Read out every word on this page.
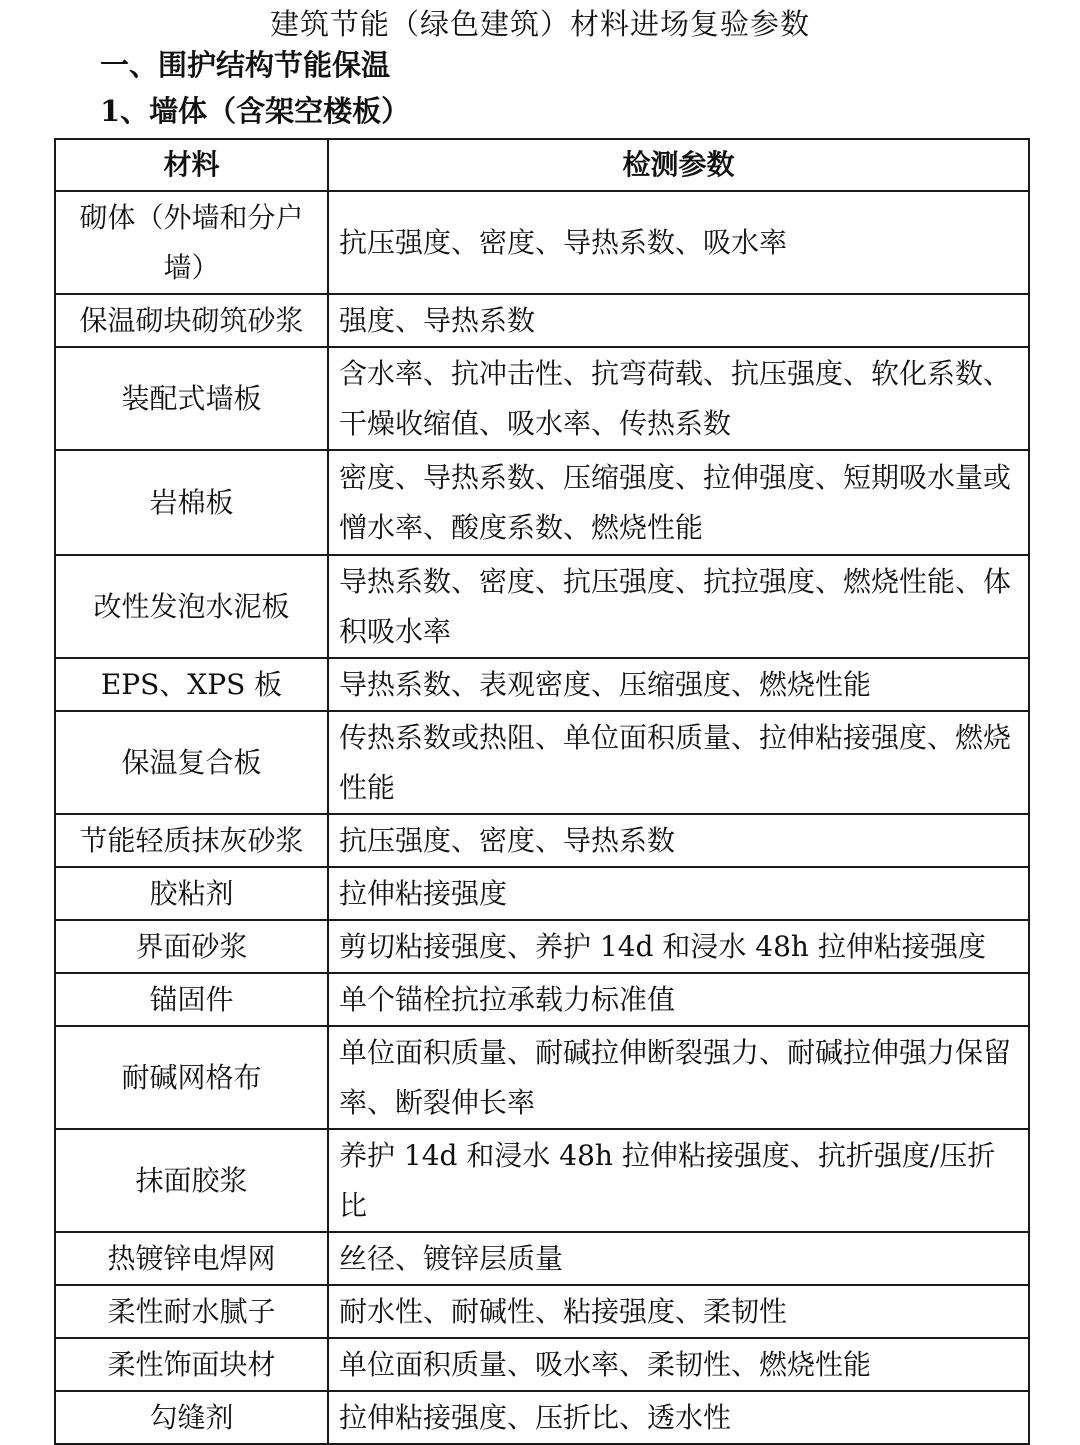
建筑节能（绿色建筑）材料进场复验参数
一、围护结构节能保温
1、墙体（含架空楼板）
材料	检测参数
砌体（外墙和分户墙）	抗压强度、密度、导热系数、吸水率
保温砌块砌筑砂浆	强度、导热系数
装配式墙板	含水率、抗冲击性、抗弯荷载、抗压强度、软化系数、干燥收缩值、吸水率、传热系数
岩棉板	密度、导热系数、压缩强度、拉伸强度、短期吸水量或憎水率、酸度系数、燃烧性能
改性发泡水泥板	导热系数、密度、抗压强度、抗拉强度、燃烧性能、体积吸水率
EPS、XPS 板	导热系数、表观密度、压缩强度、燃烧性能
保温复合板	传热系数或热阻、单位面积质量、拉伸粘接强度、燃烧性能
节能轻质抹灰砂浆	抗压强度、密度、导热系数
胶粘剂	拉伸粘接强度
界面砂浆	剪切粘接强度、养护 14d 和浸水 48h 拉伸粘接强度
锚固件	单个锚栓抗拉承载力标准值
耐碱网格布	单位面积质量、耐碱拉伸断裂强力、耐碱拉伸强力保留率、断裂伸长率
抹面胶浆	养护 14d 和浸水 48h 拉伸粘接强度、抗折强度/压折比
热镀锌电焊网	丝径、镀锌层质量
柔性耐水腻子	耐水性、耐碱性、粘接强度、柔韧性
柔性饰面块材	单位面积质量、吸水率、柔韧性、燃烧性能
勾缝剂	拉伸粘接强度、压折比、透水性
